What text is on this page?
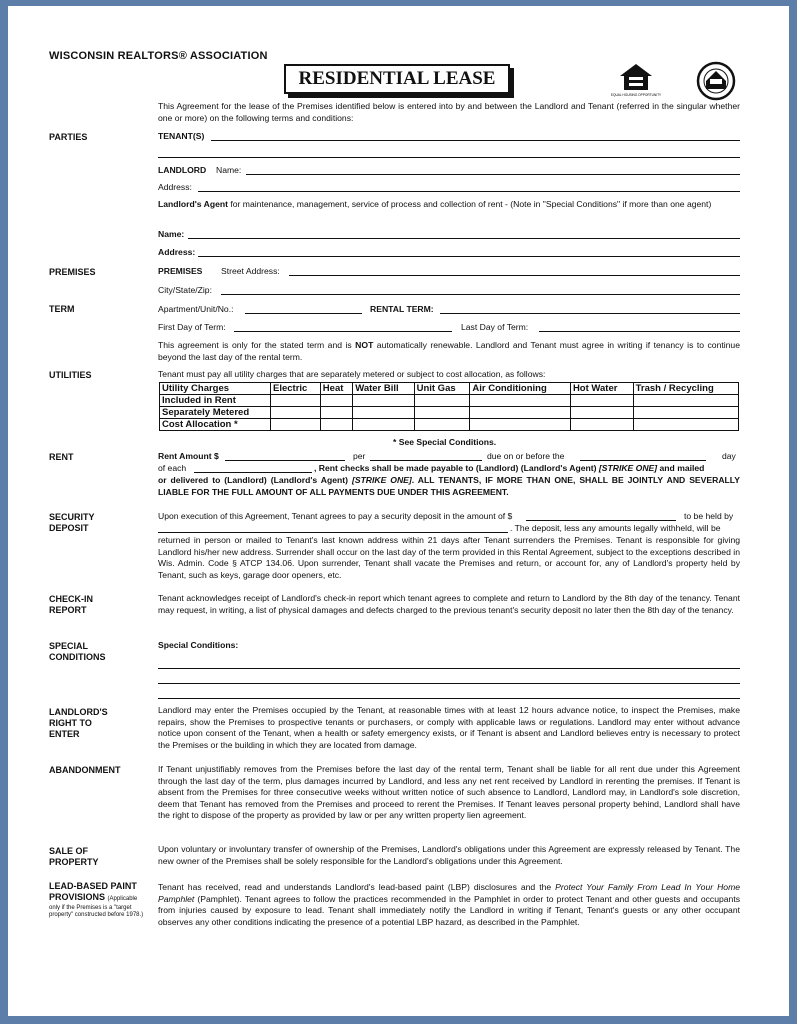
WISCONSIN REALTORS® ASSOCIATION
RESIDENTIAL LEASE
EQUAL HOUSING OPPORTUNITY
This Agreement for the lease of the Premises identified below is entered into by and between the Landlord and Tenant (referred in the singular whether one or more) on the following terms and conditions:
PARTIES	TENANT(S)
LANDLORD Name:
Address:
Landlord's Agent for maintenance, management, service of process and collection of rent - (Note in "Special Conditions" if more than one agent)
Name:
Address:
PREMISES	PREMISES Street Address:
City/State/Zip:
TERM	Apartment/Unit/No.:	RENTAL TERM:
First Day of Term:	Last Day of Term:
This agreement is only for the stated term and is NOT automatically renewable. Landlord and Tenant must agree in writing if tenancy is to continue beyond the last day of the rental term.
UTILITIES	Tenant must pay all utility charges that are separately metered or subject to cost allocation, as follows:
Utility Charges	Electric	Heat	Water Bill	Unit Gas	Air Conditioning	Hot Water	Trash / Recycling
Included in Rent							
Separately Metered							
Cost Allocation *							
* See Special Conditions.
RENT	Rent Amount $	per	due on or before the	day
of each	, Rent checks shall be made payable to (Landlord) (Landlord's Agent) [STRIKE ONE] and mailed
or delivered to (Landlord) (Landlord's Agent) [STRIKE ONE]. ALL TENANTS, IF MORE THAN ONE, SHALL BE JOINTLY AND SEVERALLY LIABLE FOR THE FULL AMOUNT OF ALL PAYMENTS DUE UNDER THIS AGREEMENT.
SECURITY
DEPOSIT
Upon execution of this Agreement, Tenant agrees to pay a security deposit in the amount of $	to be held by
. The deposit, less any amounts legally withheld, will be
returned in person or mailed to Tenant's last known address within 21 days after Tenant surrenders the Premises. Tenant is responsible for giving Landlord his/her new address. Surrender shall occur on the last day of the term provided in this Rental Agreement, subject to the exceptions described in Wis. Admin. Code § ATCP 134.06. Upon surrender, Tenant shall vacate the Premises and return, or account for, any of Landlord's property held by Tenant, such as keys, garage door openers, etc.
CHECK-IN
REPORT
Tenant acknowledges receipt of Landlord's check-in report which tenant agrees to complete and return to Landlord by the 8th day of the tenancy. Tenant may request, in writing, a list of physical damages and defects charged to the previous tenant's security deposit no later then the 8th day of the tenancy.
SPECIAL
CONDITIONS
Special Conditions:
LANDLORD'S
RIGHT TO
ENTER
Landlord may enter the Premises occupied by the Tenant, at reasonable times with at least 12 hours advance notice, to inspect the Premises, make repairs, show the Premises to prospective tenants or purchasers, or comply with applicable laws or regulations. Landlord may enter without advance notice upon consent of the Tenant, when a health or safety emergency exists, or if Tenant is absent and Landlord believes entry is necessary to protect the Premises or the building in which they are located from damage.
ABANDONMENT	If Tenant unjustifiably removes from the Premises before the last day of the rental term, Tenant shall be liable for all rent due under this Agreement through the last day of the term, plus damages incurred by Landlord, and less any net rent received by Landlord in rerenting the premises. If Tenant is absent from the Premises for three consecutive weeks without written notice of such absence to Landlord, Landlord may, in Landlord's sole discretion, deem that Tenant has removed from the Premises and proceed to rerent the Premises. If Tenant leaves personal property behind, Landlord shall have the right to dispose of the property as provided by law or per any written property lien agreement.
SALE OF
PROPERTY
Upon voluntary or involuntary transfer of ownership of the Premises, Landlord's obligations under this Agreement are expressly released by Tenant. The new owner of the Premises shall be solely responsible for the Landlord's obligations under this Agreement.
LEAD-BASED PAINT
PROVISIONS (Applicable
only if the Premises is a "target
property" constructed before 1978.)
Tenant has received, read and understands Landlord's lead-based paint (LBP) disclosures and the Protect Your Family From Lead In Your Home Pamphlet (Pamphlet). Tenant agrees to follow the practices recommended in the Pamphlet in order to protect Tenant and other guests and occupants from injuries caused by exposure to lead. Tenant shall immediately notify the Landlord in writing if Tenant, Tenant's guests or any other occupant observes any other conditions indicating the presence of a potential LBP hazard, as described in the Pamphlet.
